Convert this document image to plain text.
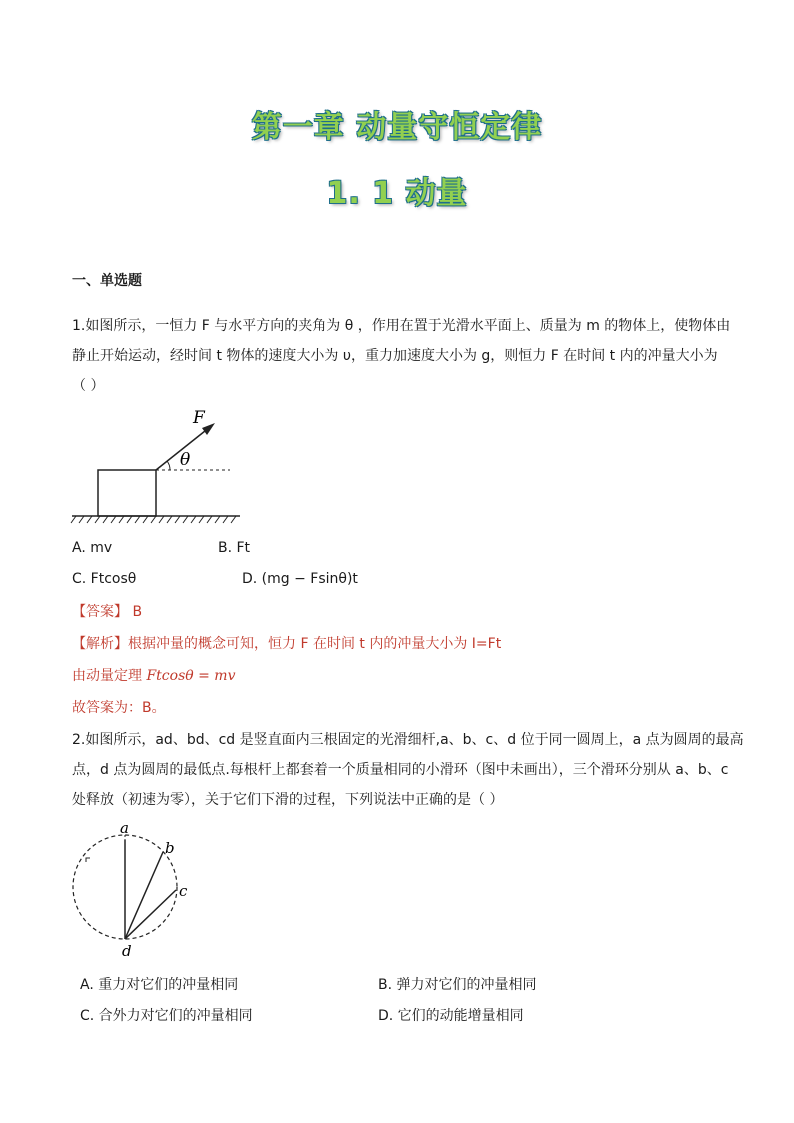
第一章 动量守恒定律
1. 1 动量
一、单选题
1.如图所示，一恒力 F 与水平方向的夹角为 θ ，作用在置于光滑水平面上、质量为 m 的物体上，使物体由
静止开始运动，经时间 t 物体的速度大小为 υ，重力加速度大小为 g，则恒力 F 在时间 t 内的冲量大小为
（ ）
F
θ
A. mv	B. Ft
C. Ftcosθ	D. (mg − Fsinθ)t
【答案】 B
【解析】根据冲量的概念可知，恒力 F 在时间 t 内的冲量大小为 I=Ft
由动量定理 Ftcosθ = mv
故答案为：B。
2.如图所示，ad、bd、cd 是竖直面内三根固定的光滑细杆,a、b、c、d 位于同一圆周上，a 点为圆周的最高
点，d 点为圆周的最低点.每根杆上都套着一个质量相同的小滑环（图中未画出），三个滑环分别从 a、b、c
处释放（初速为零），关于它们下滑的过程，下列说法中正确的是（ ）
a
b
c
d
A. 重力对它们的冲量相同	B. 弹力对它们的冲量相同
C. 合外力对它们的冲量相同	D. 它们的动能增量相同
